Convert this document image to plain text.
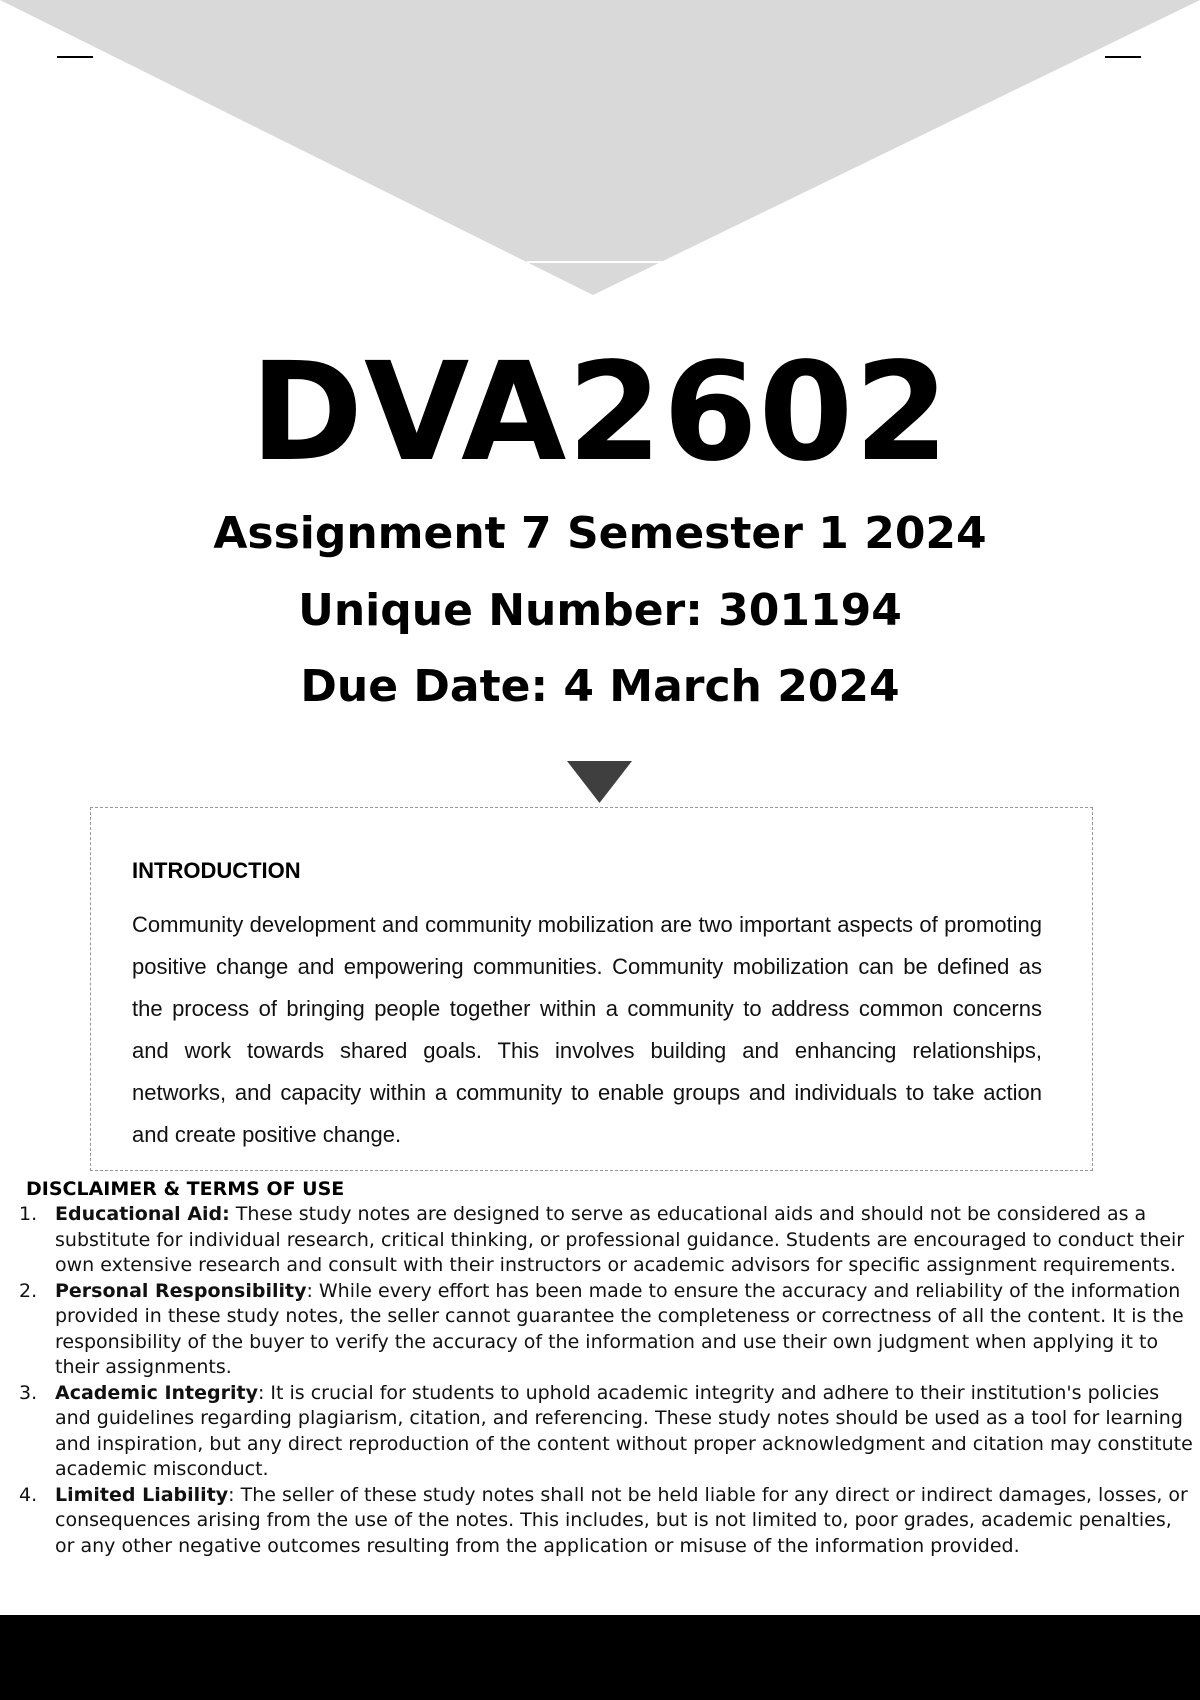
DVA2602
Assignment 7 Semester 1 2024
Unique Number: 301194
Due Date: 4 March 2024
INTRODUCTION
Community development and community mobilization are two important aspects of promoting positive change and empowering communities. Community mobilization can be defined as the process of bringing people together within a community to address common concerns and work towards shared goals. This involves building and enhancing relationships, networks, and capacity within a community to enable groups and individuals to take action and create positive change.
DISCLAIMER & TERMS OF USE
1. Educational Aid: These study notes are designed to serve as educational aids and should not be considered as a substitute for individual research, critical thinking, or professional guidance. Students are encouraged to conduct their own extensive research and consult with their instructors or academic advisors for specific assignment requirements.
2. Personal Responsibility: While every effort has been made to ensure the accuracy and reliability of the information provided in these study notes, the seller cannot guarantee the completeness or correctness of all the content. It is the responsibility of the buyer to verify the accuracy of the information and use their own judgment when applying it to their assignments.
3. Academic Integrity: It is crucial for students to uphold academic integrity and adhere to their institution's policies and guidelines regarding plagiarism, citation, and referencing. These study notes should be used as a tool for learning and inspiration, but any direct reproduction of the content without proper acknowledgment and citation may constitute academic misconduct.
4. Limited Liability: The seller of these study notes shall not be held liable for any direct or indirect damages, losses, or consequences arising from the use of the notes. This includes, but is not limited to, poor grades, academic penalties, or any other negative outcomes resulting from the application or misuse of the information provided.
